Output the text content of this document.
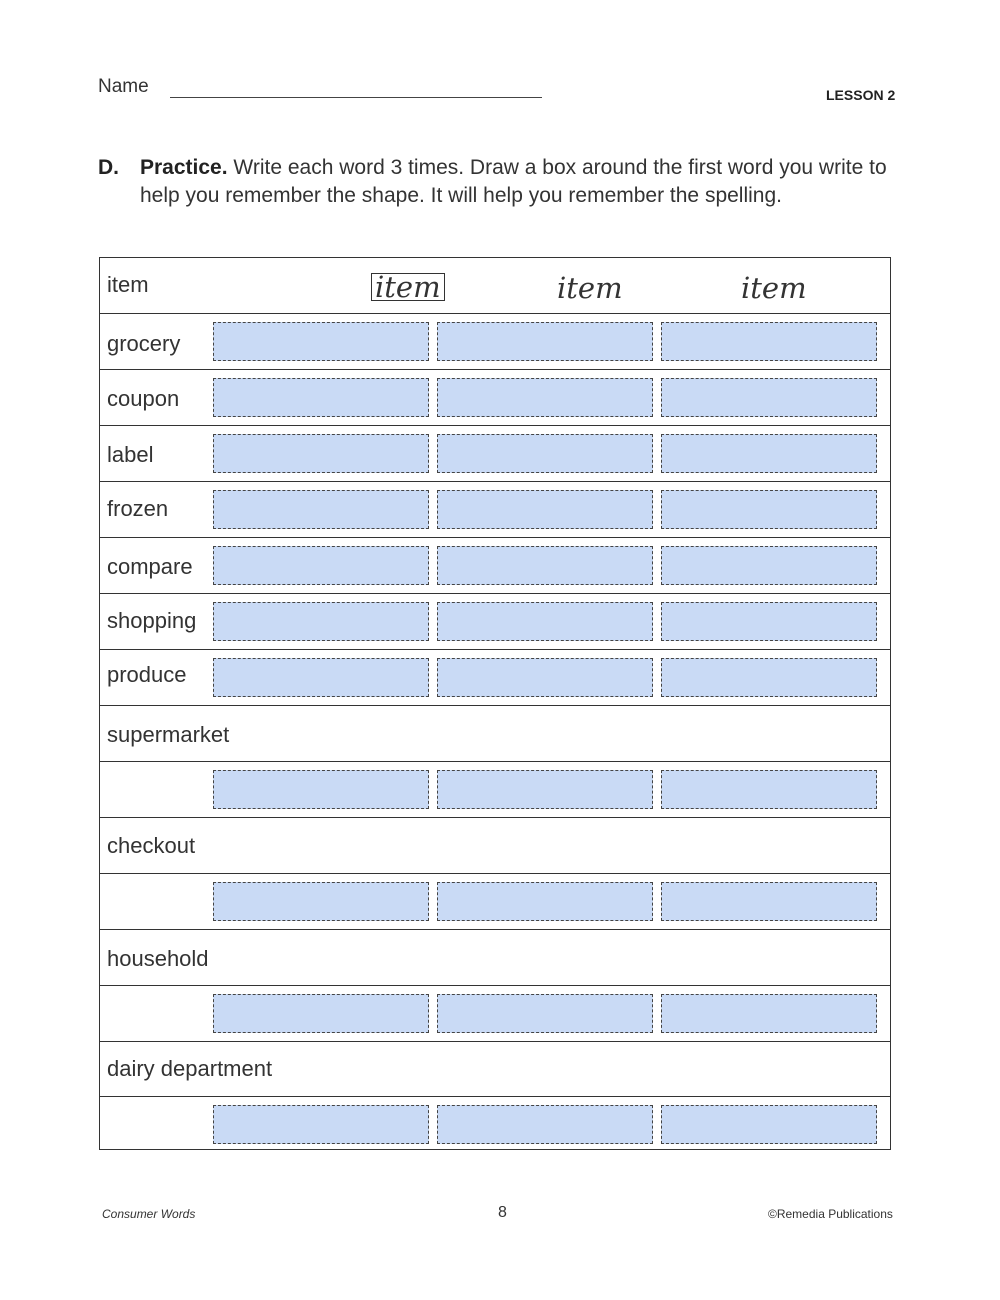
Name	LESSON 2
D. Practice. Write each word 3 times. Draw a box around the first word you write to help you remember the shape. It will help you remember the spelling.
item	item	item	item
grocery
coupon
label
frozen
compare
shopping
produce
supermarket
checkout
household
dairy department
Consumer Words	8	©Remedia Publications
